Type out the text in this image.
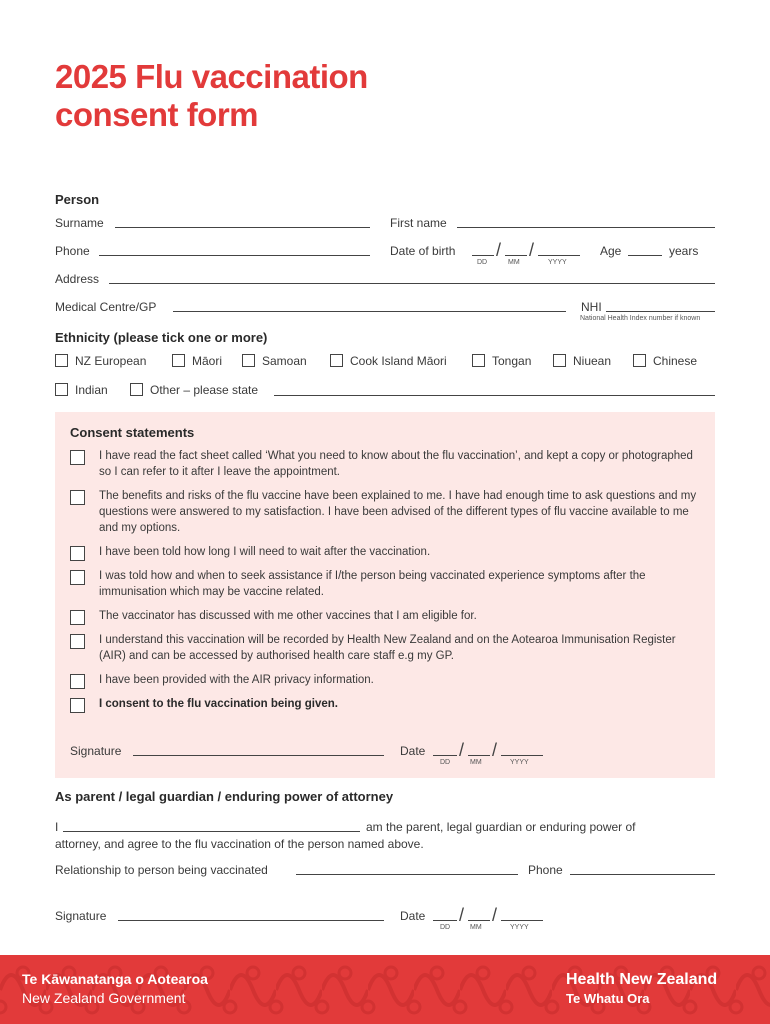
2025 Flu vaccination
consent form
Person
Surname	First name
Phone	Date of birth / /
DD	MM	YYYY
Age	years
Address
Medical Centre/GP	NHI
National Health Index number if known
Ethnicity (please tick one or more)
NZ European	Māori	Samoan	Cook Island Māori	Tongan	Niuean	Chinese
Indian	Other – please state
Consent statements
I have read the fact sheet called ‘What you need to know about the flu vaccination’, and kept a copy or photographed so I can refer to it after I leave the appointment.
The benefits and risks of the flu vaccine have been explained to me. I have had enough time to ask questions and my questions were answered to my satisfaction. I have been advised of the different types of flu vaccine available to me and my options.
I have been told how long I will need to wait after the vaccination.
I was told how and when to seek assistance if I/the person being vaccinated experience symptoms after the immunisation which may be vaccine related.
The vaccinator has discussed with me other vaccines that I am eligible for.
I understand this vaccination will be recorded by Health New Zealand and on the Aotearoa Immunisation Register (AIR) and can be accessed by authorised health care staff e.g my GP.
I have been provided with the AIR privacy information.
I consent to the flu vaccination being given.
Signature	Date / /
DD	MM	YYYY
As parent / legal guardian / enduring power of attorney
I	am the parent, legal guardian or enduring power of
attorney, and agree to the flu vaccination of the person named above.
Relationship to person being vaccinated	Phone
Signature	Date / /
DD	MM	YYYY
Te Kāwanatanga o Aotearoa
New Zealand Government
Health New Zealand
Te Whatu Ora
